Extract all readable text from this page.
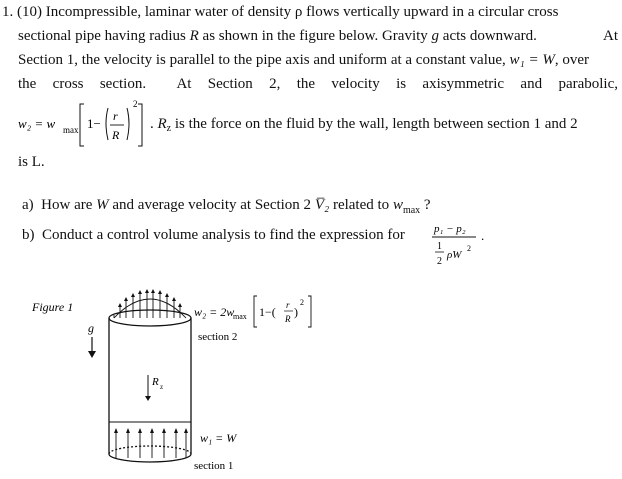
1. (10) Incompressible, laminar water of density ρ flows vertically upward in a circular cross
sectional pipe having radius R as shown in the figure below. Gravity g acts downward.	At
Section 1, the velocity is parallel to the pipe axis and uniform at a constant value, w₁ = W, over
the cross section. At Section 2, the velocity is axisymmetric and parabolic,
w₂ = w max 1− r
R
2
. $R_z$ is the force on the fluid by the wall, length between section 1 and 2
is L.
a) How are W and average velocity at Section 2 V̅₂ related to $w_{max}$ ?
b) Conduct a control volume analysis to find the expression for	p₁ − p₂
1
2
ρW
2
.
Figure 1
g
R z
w₂ = 2w
max 1−( r
R )
2
section 2
w₁ = W
section 1
